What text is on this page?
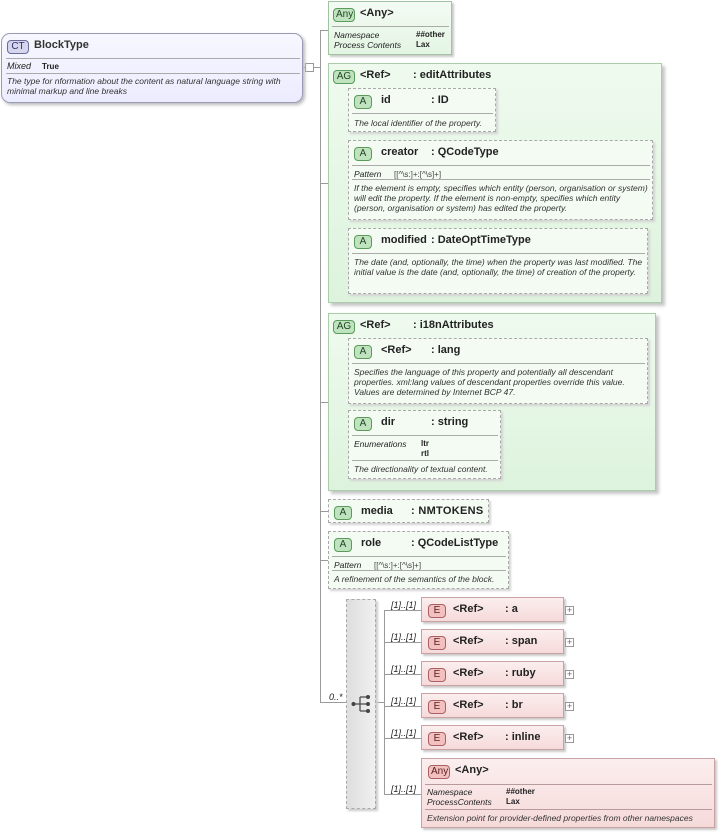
CT BlockType
Mixed True
The type for nformation about the content as natural language string with minimal markup and line breaks
Any <Any>
Namespace	##other
Process Contents Lax
AG <Ref> : editAttributes
A	id	: ID
The local identifier of the property.
A	creator : QCodeType
Pattern [[^\s:]+:[^\s]+]
If the element is empty, specifies which entity (person, organisation or system) will edit the property. If the element is non-empty, specifies which entity (person, organisation or system) has edited the property.
A	modified : DateOptTimeType
The date (and, optionally, the time) when the property was last modified. The initial value is the date (and, optionally, the time) of creation of the property.
AG <Ref> : i18nAttributes
A	<Ref> : lang
Specifies the language of this property and potentially all descendant properties. xml:lang values of descendant properties override this value. Values are determined by Internet BCP 47.
A	dir	: string
Enumerations ltr
rtl
The directionality of textual content.
A	media : NMTOKENS
A	role	: QCodeListType
Pattern [[^\s:]+:[^\s]+]
A refinement of the semantics of the block.
0..*
[1]..[1]	E	<Ref> : a	+
[1]..[1]	E	<Ref> : span	+
[1]..[1]	E	<Ref> : ruby	+
[1]..[1]	E	<Ref> : br	+
[1]..[1]	E	<Ref> : inline	+
[1]..[1]
Any <Any>
Namespace	##other
ProcessContents Lax
Extension point for provider-defined properties from other namespaces
